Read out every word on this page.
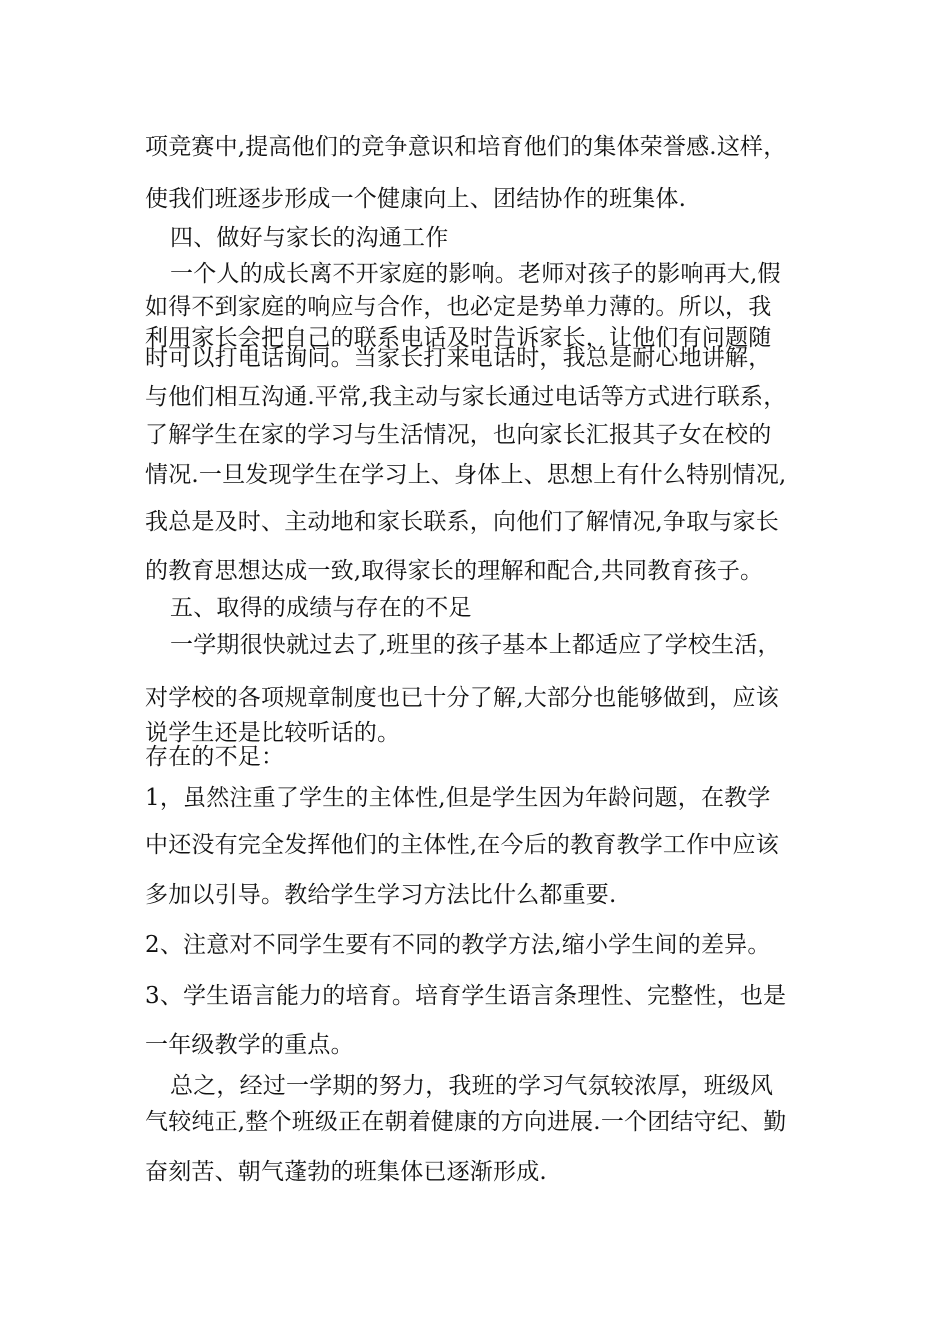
项竞赛中,提高他们的竞争意识和培育他们的集体荣誉感.这样，
使我们班逐步形成一个健康向上、团结协作的班集体.
四、做好与家长的沟通工作
一个人的成长离不开家庭的影响。老师对孩子的影响再大,假
如得不到家庭的响应与合作，也必定是势单力薄的。所以，我
利用家长会把自己的联系电话及时告诉家长，让他们有问题随
时可以打电话询问。当家长打来电话时，我总是耐心地讲解，
与他们相互沟通.平常,我主动与家长通过电话等方式进行联系，
了解学生在家的学习与生活情况，也向家长汇报其子女在校的
情况.一旦发现学生在学习上、身体上、思想上有什么特别情况,
我总是及时、主动地和家长联系，向他们了解情况,争取与家长
的教育思想达成一致,取得家长的理解和配合,共同教育孩子。
五、取得的成绩与存在的不足
一学期很快就过去了,班里的孩子基本上都适应了学校生活，
对学校的各项规章制度也已十分了解,大部分也能够做到，应该
说学生还是比较听话的。
存在的不足：
1，虽然注重了学生的主体性,但是学生因为年龄问题，在教学
中还没有完全发挥他们的主体性,在今后的教育教学工作中应该
多加以引导。教给学生学习方法比什么都重要.
2、注意对不同学生要有不同的教学方法,缩小学生间的差异。
3、学生语言能力的培育。培育学生语言条理性、完整性，也是
一年级教学的重点。
总之，经过一学期的努力，我班的学习气氛较浓厚，班级风
气较纯正,整个班级正在朝着健康的方向进展.一个团结守纪、勤
奋刻苦、朝气蓬勃的班集体已逐渐形成.
